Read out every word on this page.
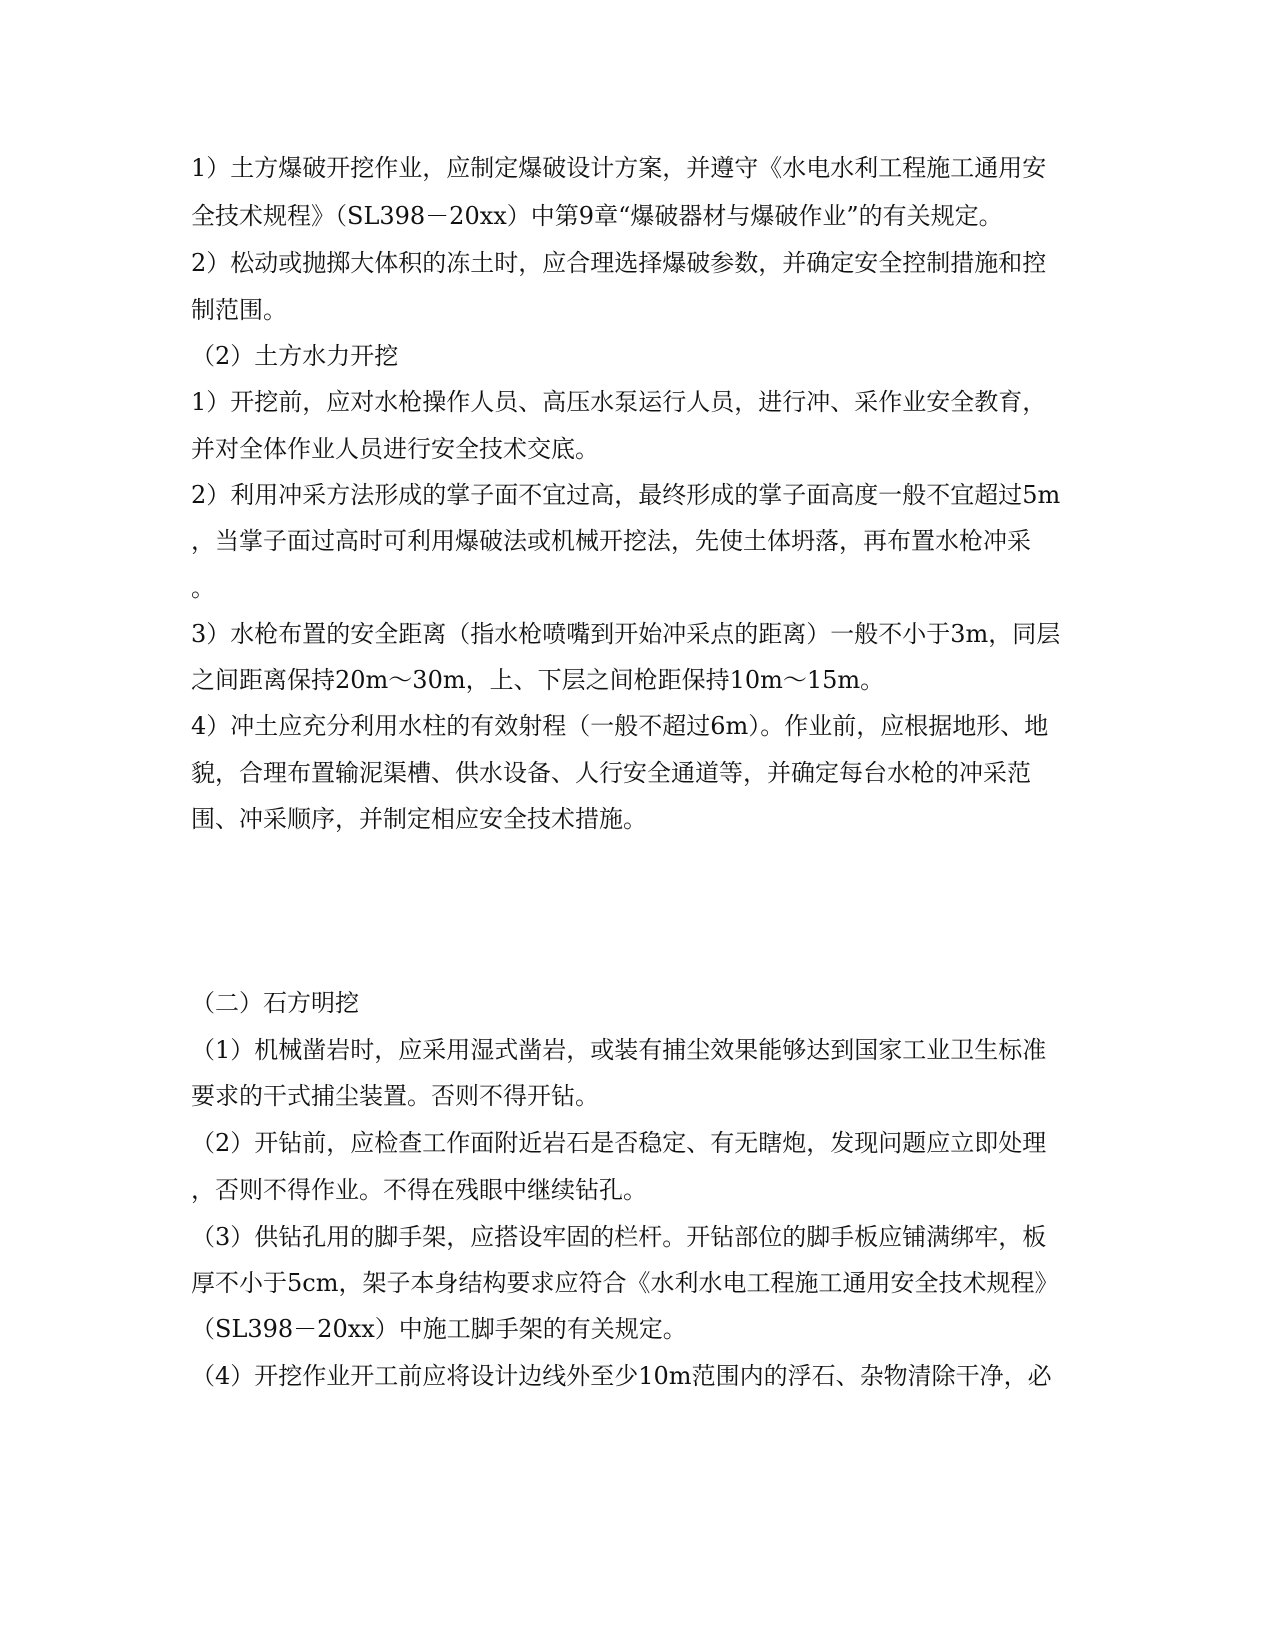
1）土方爆破开挖作业，应制定爆破设计方案，并遵守《水电水利工程施工通用安
全技术规程》（SL398－20xx）中第9章“爆破器材与爆破作业”的有关规定。
2）松动或抛掷大体积的冻土时，应合理选择爆破参数，并确定安全控制措施和控
制范围。
（2）土方水力开挖
1）开挖前，应对水枪操作人员、高压水泵运行人员，进行冲、采作业安全教育，
并对全体作业人员进行安全技术交底。
2）利用冲采方法形成的掌子面不宜过高，最终形成的掌子面高度一般不宜超过5m
，当掌子面过高时可利用爆破法或机械开挖法，先使土体坍落，再布置水枪冲采
。
3）水枪布置的安全距离（指水枪喷嘴到开始冲采点的距离）一般不小于3m，同层
之间距离保持20m～30m，上、下层之间枪距保持10m～15m。
4）冲土应充分利用水柱的有效射程（一般不超过6m）。作业前，应根据地形、地
貌，合理布置输泥渠槽、供水设备、人行安全通道等，并确定每台水枪的冲采范
围、冲采顺序，并制定相应安全技术措施。
（二）石方明挖
（1）机械凿岩时，应采用湿式凿岩，或装有捕尘效果能够达到国家工业卫生标准
要求的干式捕尘装置。否则不得开钻。
（2）开钻前，应检查工作面附近岩石是否稳定、有无瞎炮，发现问题应立即处理
，否则不得作业。不得在残眼中继续钻孔。
（3）供钻孔用的脚手架，应搭设牢固的栏杆。开钻部位的脚手板应铺满绑牢，板
厚不小于5cm，架子本身结构要求应符合《水利水电工程施工通用安全技术规程》
（SL398－20xx）中施工脚手架的有关规定。
（4）开挖作业开工前应将设计边线外至少10m范围内的浮石、杂物清除干净，必
